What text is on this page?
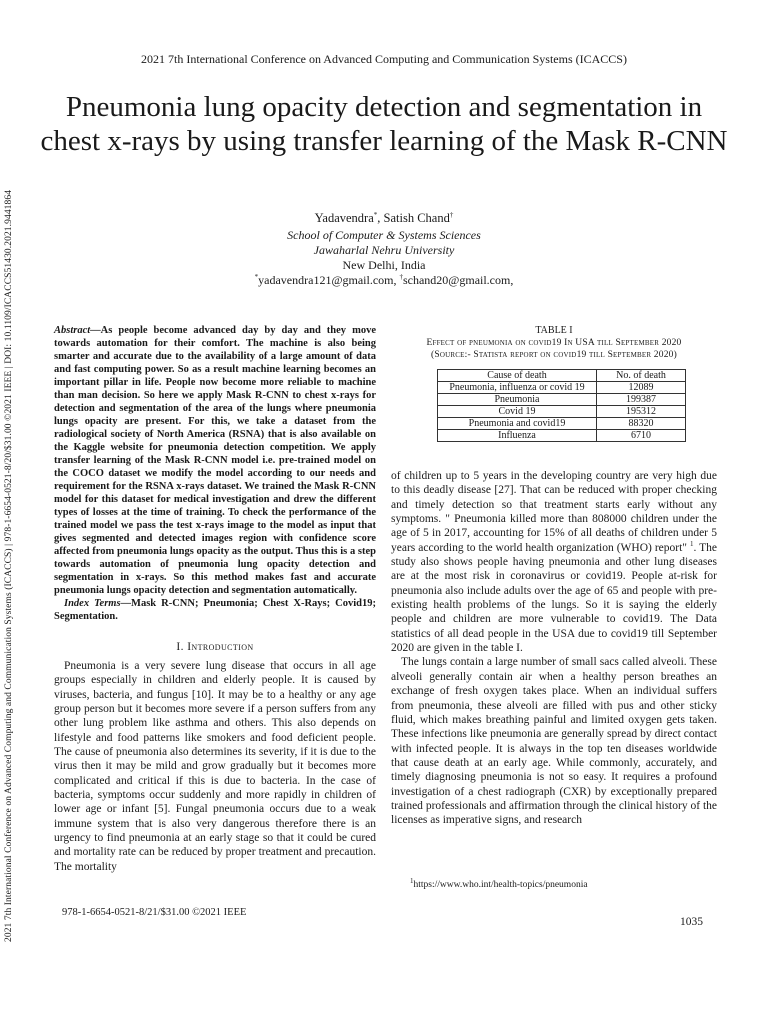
2021 7th International Conference on Advanced Computing and Communication Systems (ICACCS)
Pneumonia lung opacity detection and segmentation in chest x-rays by using transfer learning of the Mask R-CNN
Yadavendra*, Satish Chand†
School of Computer & Systems Sciences
Jawaharlal Nehru University
New Delhi, India
*yadavendra121@gmail.com, †schand20@gmail.com,
2021 7th International Conference on Advanced Computing and Communication Systems (ICACCS) | 978-1-6654-0521-8/20/$31.00 ©2021 IEEE | DOI: 10.1109/ICACCS51430.2021.9441864	Abstract—As people become advanced day by day and they move towards automation for their comfort. The machine is also being smarter and accurate due to the availability of a large amount of data and fast computing power. So as a result machine learning becomes an important pillar in life. People now become more reliable to machine than man decision. So here we apply Mask R-CNN to chest x-rays for detection and segmentation of the area of the lungs where pneumonia lungs opacity are present. For this, we take a dataset from the radiological society of North America (RSNA) that is also available on the Kaggle website for pneumonia detection competition. We apply transfer learning of the Mask R-CNN model i.e. pre-trained model on the COCO dataset we modify the model according to our needs and requirement for the RSNA x-rays dataset. We trained the Mask R-CNN model for this dataset for medical investigation and drew the different types of losses at the time of training. To check the performance of the trained model we pass the test x-rays image to the model as input that gives segmented and detected images region with confidence score affected from pneumonia lungs opacity as the output. Thus this is a step towards automation of pneumonia lung opacity detection and segmentation in x-rays. So this method makes fast and accurate pneumonia lungs opacity detection and segmentation automatically.
Index Terms—Mask R-CNN; Pneumonia; Chest X-Rays; Covid19; Segmentation.
I. Introduction

Pneumonia is a very severe lung disease that occurs in all age groups especially in children and elderly people. It is caused by viruses, bacteria, and fungus [10]. It may be to a healthy or any age group person but it becomes more severe if a person suffers from any other lung problem like asthma and others. This also depends on lifestyle and food patterns like smokers and food deficient people. The cause of pneumonia also determines its severity, if it is due to the virus then it may be mild and grow gradually but it becomes more complicated and critical if this is due to bacteria. In the case of bacteria, symptoms occur suddenly and more rapidly in children of lower age or infant [5]. Fungal pneumonia occurs due to a weak immune system that is also very dangerous therefore there is an urgency to find pneumonia at an early stage so that it could be cured and mortality rate can be reduced by proper treatment and precaution. The mortality

TABLE I
Effect of pneumonia on covid19 In USA till September 2020
(Source:- Statista report on covid19 till September 2020)
Cause of death	No. of death
Pneumonia, influenza or covid 19	12089
Pneumonia	199387
Covid 19	195312
Pneumonia and covid19	88320
Influenza	6710

of children up to 5 years in the developing country are very high due to this deadly disease [27]. That can be reduced with proper checking and timely detection so that treatment starts early without any symptoms. " Pneumonia killed more than 808000 children under the age of 5 in 2017, accounting for 15% of all deaths of children under 5 years according to the world health organization (WHO) report" $^1$. The study also shows people having pneumonia and other lung diseases are at the most risk in coronavirus or covid19. People at-risk for pneumonia also include adults over the age of 65 and people with pre-existing health problems of the lungs. So it is saying the elderly people and children are more vulnerable to covid19. The Data statistics of all dead people in the USA due to covid19 till September 2020 are given in the table I.

The lungs contain a large number of small sacs called alveoli. These alveoli generally contain air when a healthy person breathes an exchange of fresh oxygen takes place. When an individual suffers from pneumonia, these alveoli are filled with pus and other sticky fluid, which makes breathing painful and limited oxygen gets taken. These infections like pneumonia are generally spread by direct contact with infected people. It is always in the top ten diseases worldwide that cause death at an early age. While commonly, accurately, and timely diagnosing pneumonia is not so easy. It requires a profound investigation of a chest radiograph (CXR) by exceptionally prepared trained professionals and affirmation through the clinical history of the licenses as imperative signs, and research

$^1$https://www.who.int/health-topics/pneumonia
978-1-6654-0521-8/21/$31.00 ©2021 IEEE
1035
